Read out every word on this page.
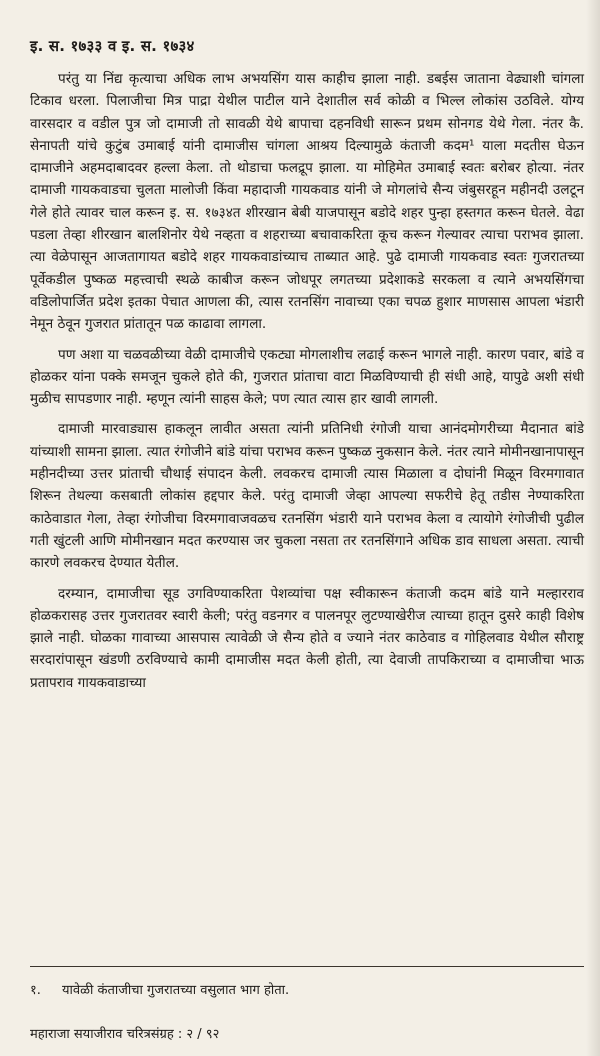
इ. स. १७३३ व इ. स. १७३४

परंतु या निंद्य कृत्याचा अधिक लाभ अभयसिंग यास काहीच झाला नाही. डबईस जाताना वेढ्याशी चांगला टिकाव धरला. पिलाजीचा मित्र पाद्रा येथील पाटील याने देशातील सर्व कोळी व भिल्ल लोकांस उठविले. योग्य वारसदार व वडील पुत्र जो दामाजी तो सावळी येथे बापाचा दहनविधी सारून प्रथम सोनगड येथे गेला. नंतर कै. सेनापती यांचे कुटुंब उमाबाई यांनी दामाजीस चांगला आश्रय दिल्यामुळे कंताजी कदम¹ याला मदतीस घेऊन दामाजीने अहमदाबादवर हल्ला केला. तो थोडाचा फलद्रूप झाला. या मोहिमेत उमाबाई स्वतः बरोबर होत्या. नंतर दामाजी गायकवाडचा चुलता मालोजी किंवा महादाजी गायकवाड यांनी जे मोगलांचे सैन्य जंबुसरहून महीनदी उलटून गेले होते त्यावर चाल करून इ. स. १७३४त शीरखान बेबी याजपासून बडोदे शहर पुन्हा हस्तगत करून घेतले. वेढा पडला तेव्हा शीरखान बालशिनोर येथे नव्हता व शहराच्या बचावाकरिता कूच करून गेल्यावर त्याचा पराभव झाला. त्या वेळेपासून आजतागायत बडोदे शहर गायकवाडांच्याच ताब्यात आहे. पुढे दामाजी गायकवाड स्वतः गुजरातच्या पूर्वेकडील पुष्कळ महत्त्वाची स्थळे काबीज करून जोधपूर लगतच्या प्रदेशाकडे सरकला व त्याने अभयसिंगचा वडिलोपार्जित प्रदेश इतका पेचात आणला की, त्यास रतनसिंग नावाच्या एका चपळ हुशार माणसास आपला भंडारी नेमून ठेवून गुजरात प्रांतातून पळ काढावा लागला.

पण अशा या चळवळीच्या वेळी दामाजीचे एकट्या मोगलाशीच लढाई करून भागले नाही. कारण पवार, बांडे व होळकर यांना पक्के समजून चुकले होते की, गुजरात प्रांताचा वाटा मिळविण्याची ही संधी आहे, यापुढे अशी संधी मुळीच सापडणार नाही. म्हणून त्यांनी साहस केले; पण त्यात त्यास हार खावी लागली.

दामाजी मारवाड्यास हाकलून लावीत असता त्यांनी प्रतिनिधी रंगोजी याचा आनंदमोगरीच्या मैदानात बांडे यांच्याशी सामना झाला. त्यात रंगोजीने बांडे यांचा पराभव करून पुष्कळ नुकसान केले. नंतर त्याने मोमीनखानापासून महीनदीच्या उत्तर प्रांताची चौथाई संपादन केली. लवकरच दामाजी त्यास मिळाला व दोघांनी मिळून विरमगावात शिरून तेथल्या कसबाती लोकांस हद्दपार केले. परंतु दामाजी जेव्हा आपल्या सफरीचे हेतू तडीस नेण्याकरिता काठेवाडात गेला, तेव्हा रंगोजीचा विरमगावाजवळच रतनसिंग भंडारी याने पराभव केला व त्यायोगे रंगोजीची पुढील गती खुंटली आणि मोमीनखान मदत करण्यास जर चुकला नसता तर रतनसिंगाने अधिक डाव साधला असता. त्याची कारणे लवकरच देण्यात येतील.

दरम्यान, दामाजीचा सूड उगविण्याकरिता पेशव्यांचा पक्ष स्वीकारून कंताजी कदम बांडे याने मल्हारराव होळकरासह उत्तर गुजरातवर स्वारी केली; परंतु वडनगर व पालनपूर लुटण्याखेरीज त्याच्या हातून दुसरे काही विशेष झाले नाही. घोळका गावाच्या आसपास त्यावेळी जे सैन्य होते व ज्याने नंतर काठेवाड व गोहिलवाड येथील सौराष्ट्र सरदारांपासून खंडणी ठरविण्याचे कामी दामाजीस मदत केली होती, त्या देवाजी तापकिराच्या व दामाजीचा भाऊ प्रतापराव गायकवाडाच्या

१. यावेळी कंताजीचा गुजरातच्या वसुलात भाग होता.
महाराजा सयाजीराव चरित्रसंग्रह : २ / ९२
